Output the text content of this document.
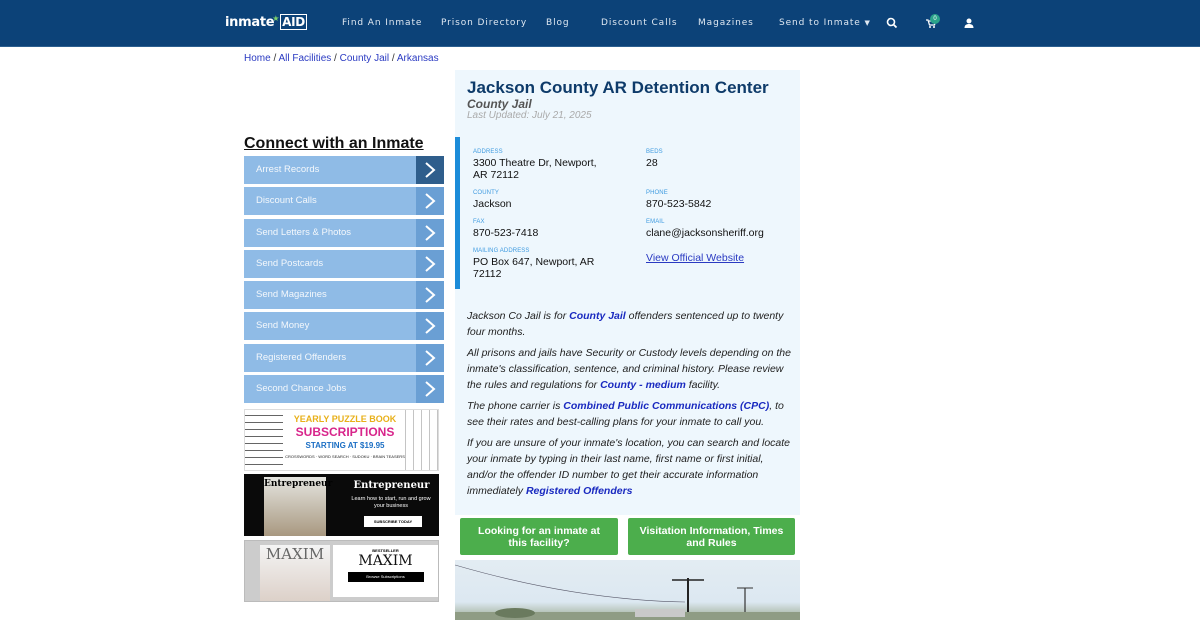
inmate★ AID	Find An Inmate Prison Directory Blog	Discount Calls Magazines	Send to Inmate ▼	0
Home / All Facilities / County Jail / Arkansas
Connect with an Inmate
Arrest Records
Discount Calls
Send Letters & Photos
Send Postcards
Send Magazines
Send Money
Registered Offenders
Second Chance Jobs
YEARLY PUZZLE BOOK
SUBSCRIPTIONS
STARTING AT $19.95
CROSSWORDS · WORD SEARCH · SUDOKU · BRAIN TEASERS
Entrepreneur	Entrepreneur
Learn how to start, run and grow your business
SUBSCRIBE TODAY
MAXIM	BESTSELLER
MAXIM
Browse Subscriptions
Jackson County AR Detention Center
County Jail
Last Updated: July 21, 2025
ADDRESS
3300 Theatre Dr, Newport, AR 72112
BEDS
28
COUNTY
Jackson
PHONE
870-523-5842
FAX
870-523-7418
EMAIL
clane@jacksonsheriff.org
MAILING ADDRESS
PO Box 647, Newport, AR 72112
View Official Website
Jackson Co Jail is for County Jail offenders sentenced up to twenty four months.
All prisons and jails have Security or Custody levels depending on the inmate's classification, sentence, and criminal history. Please review the rules and regulations for County - medium facility.
The phone carrier is Combined Public Communications (CPC), to see their rates and best-calling plans for your inmate to call you.
If you are unsure of your inmate's location, you can search and locate your inmate by typing in their last name, first name or first initial, and/or the offender ID number to get their accurate information immediately Registered Offenders
Looking for an inmate at this facility?
Visitation Information, Times and Rules
